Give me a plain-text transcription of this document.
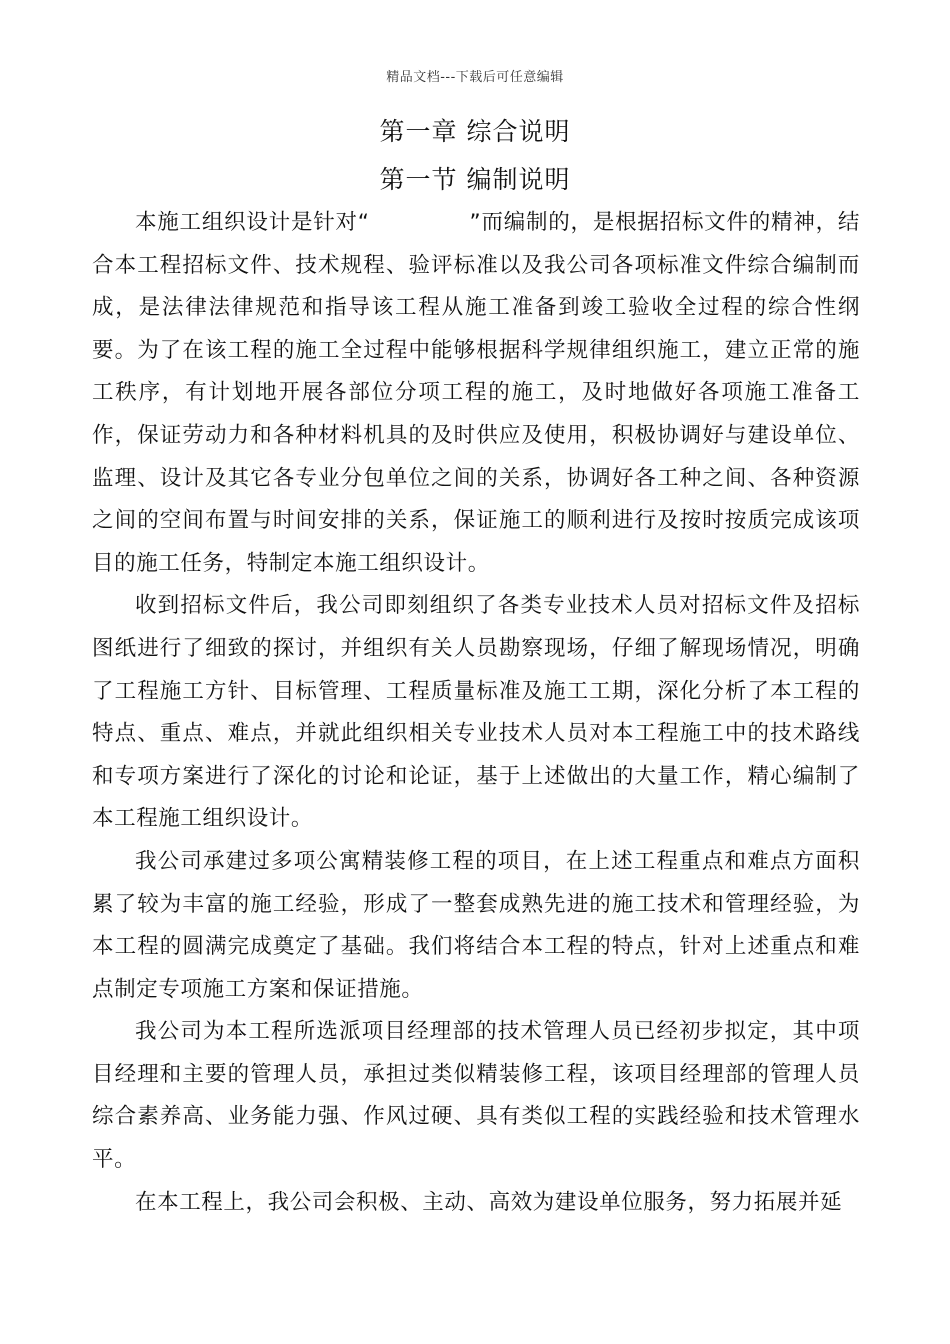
精品文档---下载后可任意编辑
第一章 综合说明
第一节 编制说明

本施工组织设计是针对“	”而编制的，是根据招标文件的精神，结合本工程招标文件、技术规程、验评标准以及我公司各项标准文件综合编制而成，是法律法律规范和指导该工程从施工准备到竣工验收全过程的综合性纲要。为了在该工程的施工全过程中能够根据科学规律组织施工，建立正常的施工秩序，有计划地开展各部位分项工程的施工，及时地做好各项施工准备工作，保证劳动力和各种材料机具的及时供应及使用，积极协调好与建设单位、监理、设计及其它各专业分包单位之间的关系，协调好各工种之间、各种资源之间的空间布置与时间安排的关系，保证施工的顺利进行及按时按质完成该项目的施工任务，特制定本施工组织设计。

收到招标文件后，我公司即刻组织了各类专业技术人员对招标文件及招标图纸进行了细致的探讨，并组织有关人员勘察现场，仔细了解现场情况，明确了工程施工方针、目标管理、工程质量标准及施工工期，深化分析了本工程的特点、重点、难点，并就此组织相关专业技术人员对本工程施工中的技术路线和专项方案进行了深化的讨论和论证，基于上述做出的大量工作，精心编制了本工程施工组织设计。

我公司承建过多项公寓精装修工程的项目，在上述工程重点和难点方面积累了较为丰富的施工经验，形成了一整套成熟先进的施工技术和管理经验，为本工程的圆满完成奠定了基础。我们将结合本工程的特点，针对上述重点和难点制定专项施工方案和保证措施。

我公司为本工程所选派项目经理部的技术管理人员已经初步拟定，其中项目经理和主要的管理人员，承担过类似精装修工程，该项目经理部的管理人员综合素养高、业务能力强、作风过硬、具有类似工程的实践经验和技术管理水平。

在本工程上，我公司会积极、主动、高效为建设单位服务，努力拓展并延
